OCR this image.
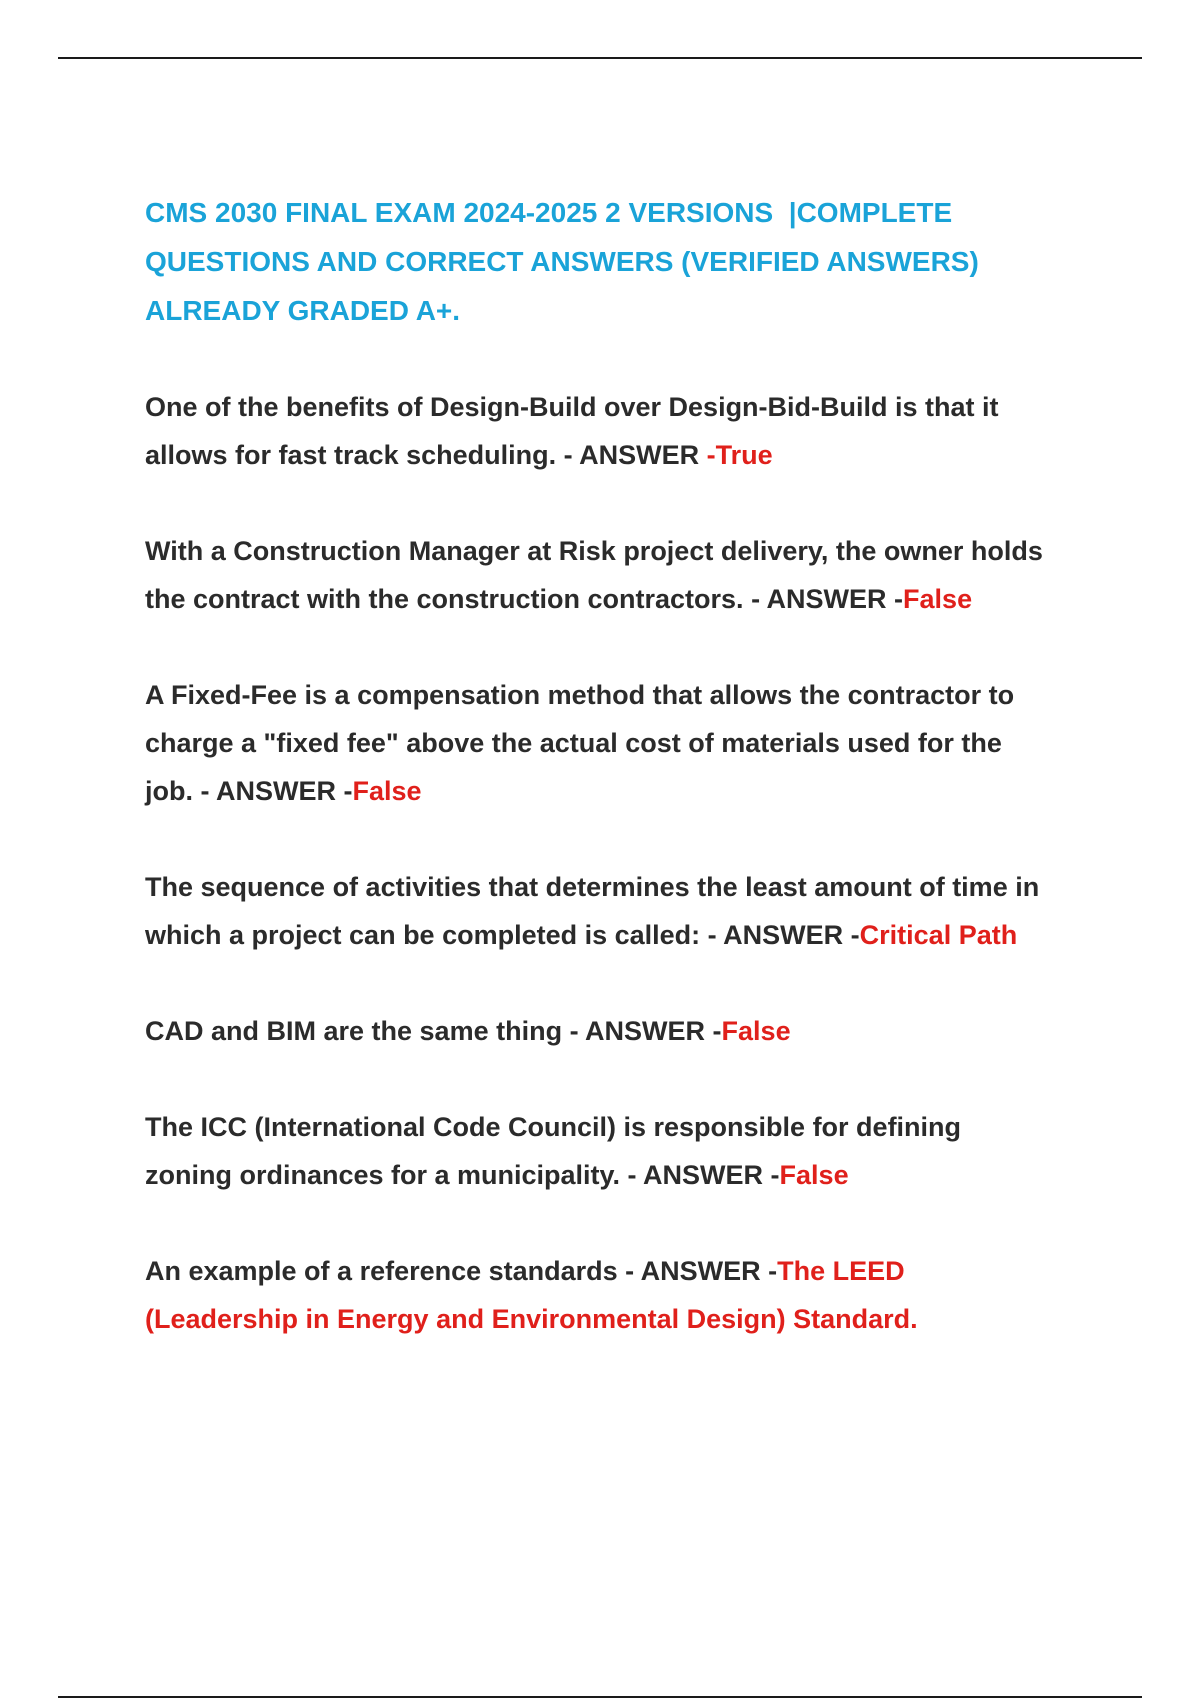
CMS 2030 FINAL EXAM 2024-2025 2 VERSIONS  |COMPLETE
QUESTIONS AND CORRECT ANSWERS (VERIFIED ANSWERS)
ALREADY GRADED A+.
One of the benefits of Design-Build over Design-Bid-Build is that it
allows for fast track scheduling. - ANSWER -True
With a Construction Manager at Risk project delivery, the owner holds
the contract with the construction contractors. - ANSWER -False
A Fixed-Fee is a compensation method that allows the contractor to
charge a "fixed fee" above the actual cost of materials used for the
job. - ANSWER -False
The sequence of activities that determines the least amount of time in
which a project can be completed is called: - ANSWER -Critical Path
CAD and BIM are the same thing - ANSWER -False
The ICC (International Code Council) is responsible for defining
zoning ordinances for a municipality. - ANSWER -False
An example of a reference standards - ANSWER -The LEED
(Leadership in Energy and Environmental Design) Standard.
